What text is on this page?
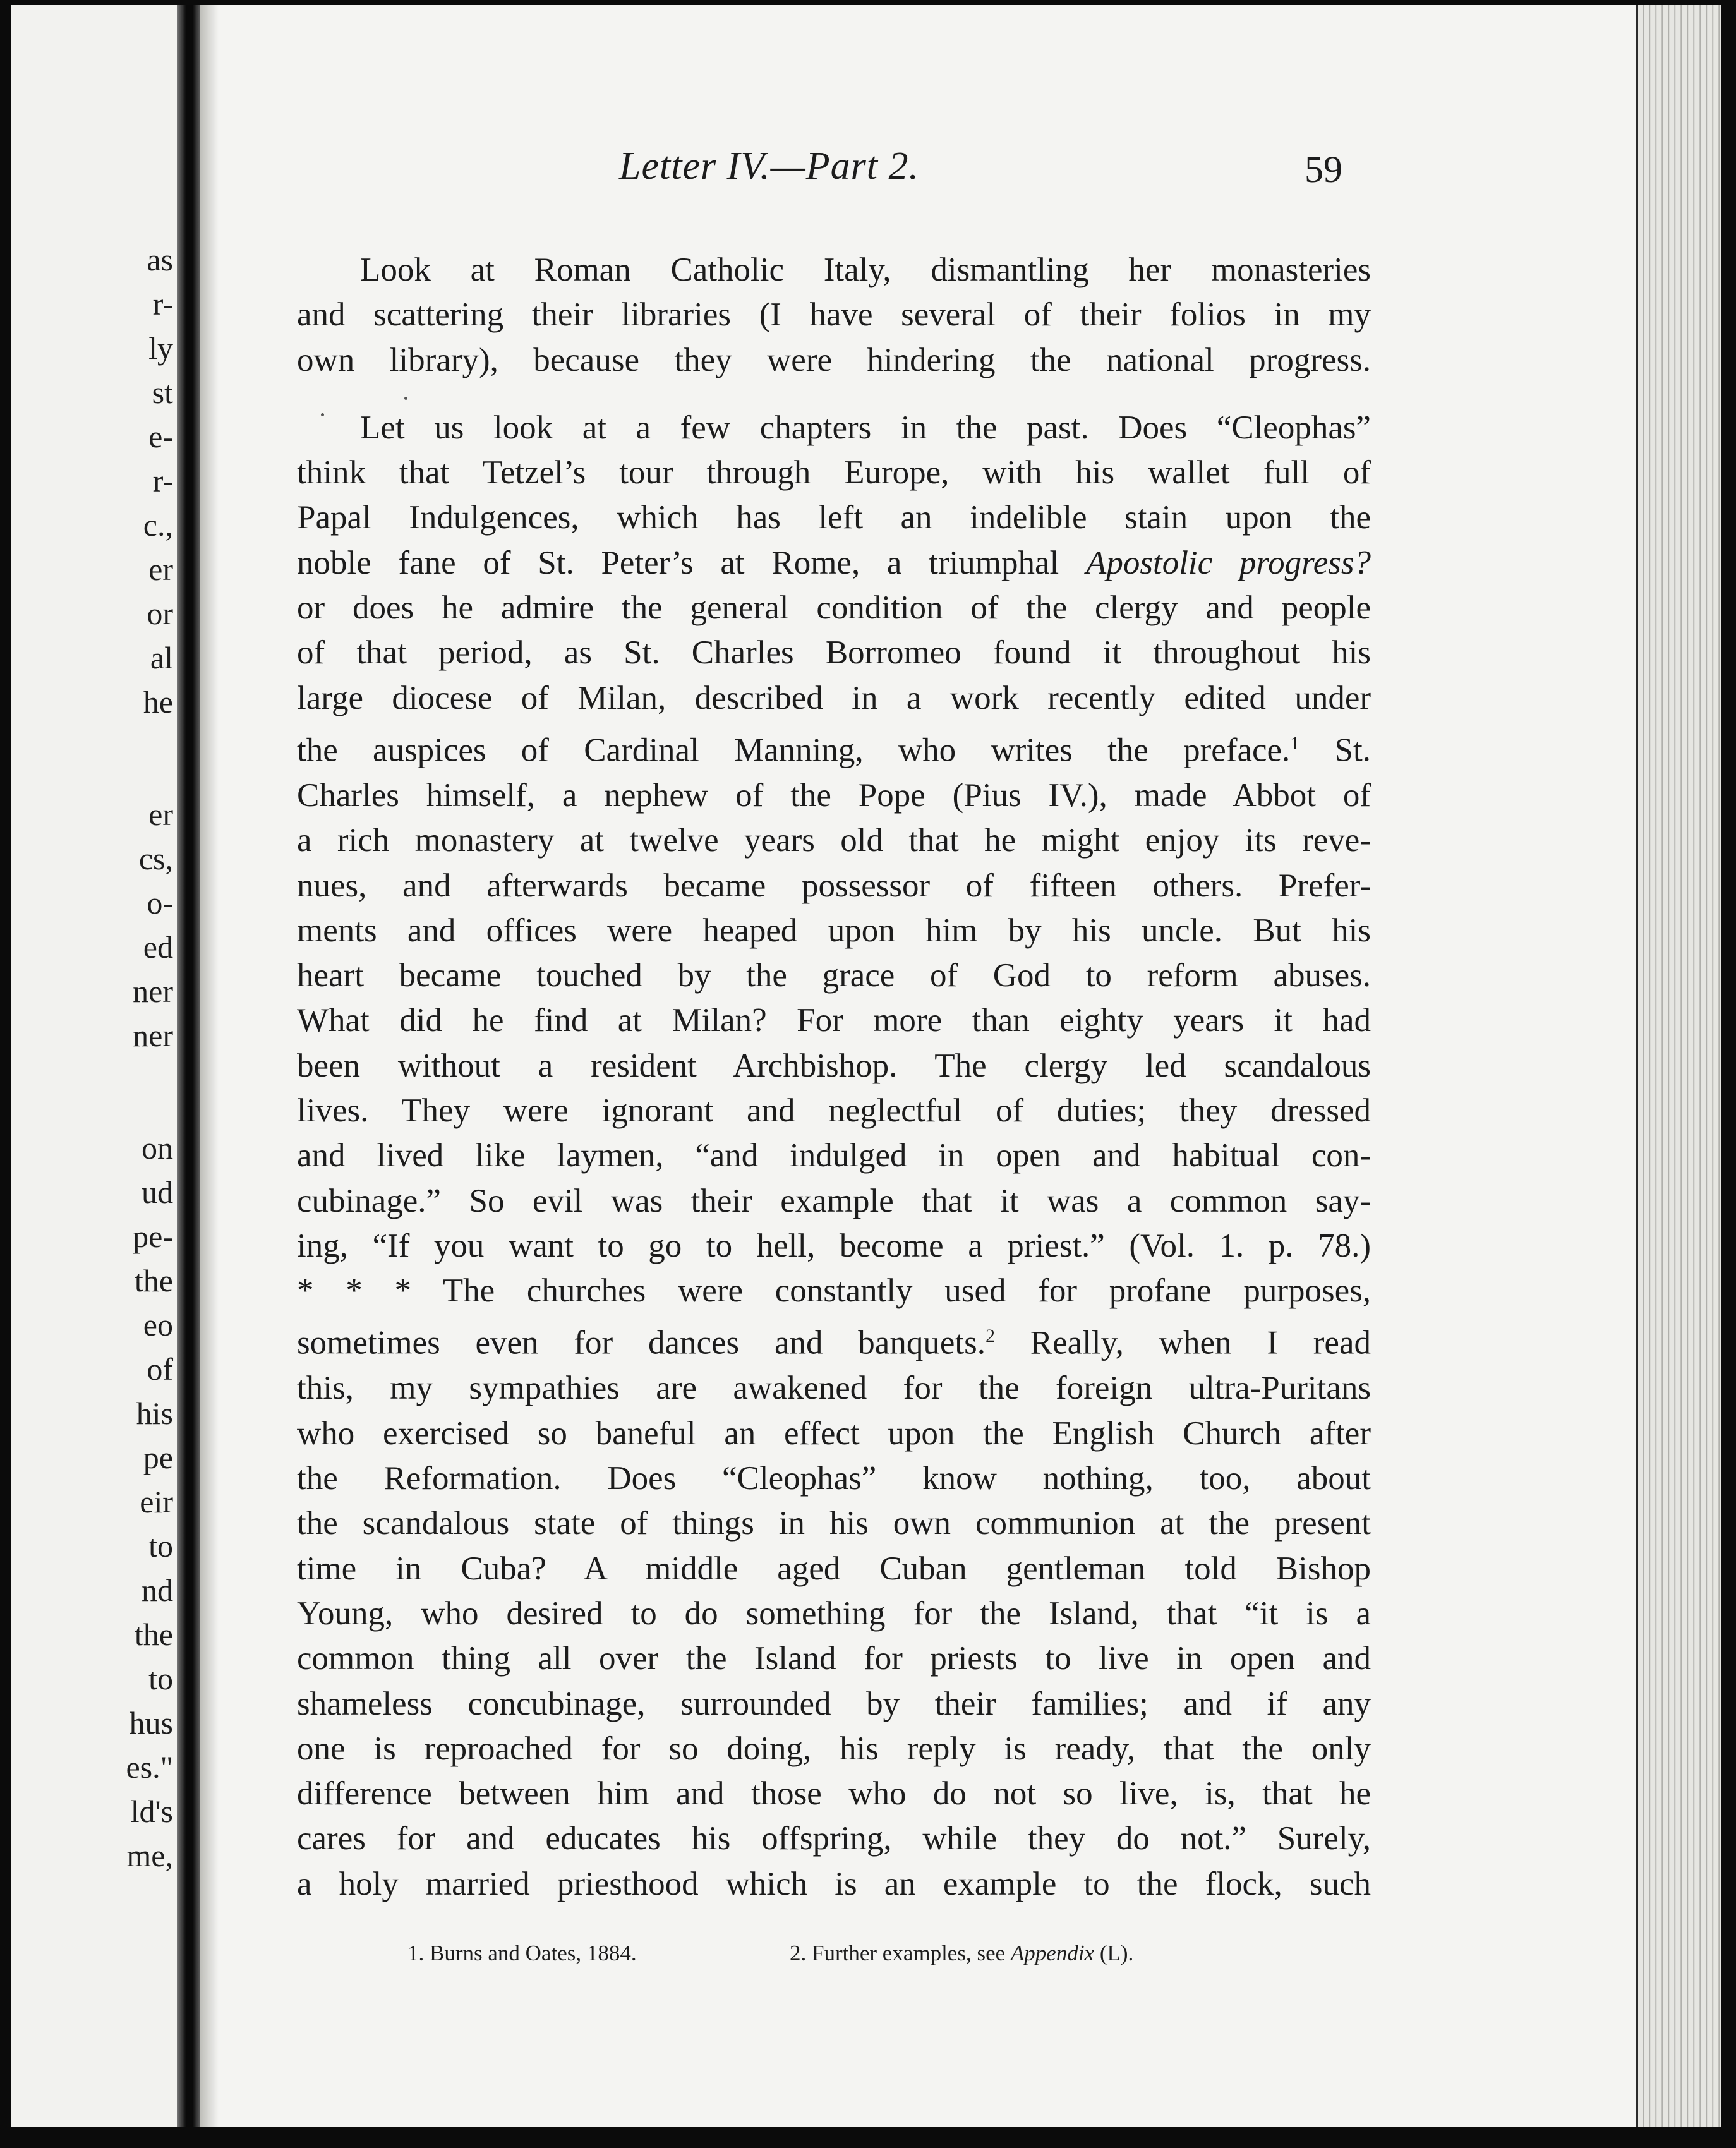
as
r-
ly
st
e-
r-
c.,
er
or
al
he
er
cs,
o-
ed
ner
ner
on
ud
pe-
the
eo
of
his
pe
eir
to
nd
the
to
hus
es."
ld's
me,
Letter IV.—Part 2.	59

Look at Roman Catholic Italy, dismantling her monasteries

and scattering their libraries (I have several of their folios in my

own library), because they were hindering the national progress.

Let us look at a few chapters in the past. Does “Cleophas”

think that Tetzel’s tour through Europe, with his wallet full of

Papal Indulgences, which has left an indelible stain upon the

noble fane of St. Peter’s at Rome, a triumphal Apostolic progress?

or does he admire the general condition of the clergy and people

of that period, as St. Charles Borromeo found it throughout his

large diocese of Milan, described in a work recently edited under

the auspices of Cardinal Manning, who writes the preface.$^1$ St.

Charles himself, a nephew of the Pope (Pius IV.), made Abbot of

a rich monastery at twelve years old that he might enjoy its reve-

nues, and afterwards became possessor of fifteen others. Prefer-

ments and offices were heaped upon him by his uncle. But his

heart became touched by the grace of God to reform abuses.

What did he find at Milan? For more than eighty years it had

been without a resident Archbishop. The clergy led scandalous

lives. They were ignorant and neglectful of duties; they dressed

and lived like laymen, “and indulged in open and habitual con-

cubinage.” So evil was their example that it was a common say-

ing, “If you want to go to hell, become a priest.” (Vol. 1. p. 78.)

* * * The churches were constantly used for profane purposes,

sometimes even for dances and banquets.$^2$ Really, when I read

this, my sympathies are awakened for the foreign ultra-Puritans

who exercised so baneful an effect upon the English Church after

the Reformation. Does “Cleophas” know nothing, too, about

the scandalous state of things in his own communion at the present

time in Cuba? A middle aged Cuban gentleman told Bishop

Young, who desired to do something for the Island, that “it is a

common thing all over the Island for priests to live in open and

shameless concubinage, surrounded by their families; and if any

one is reproached for so doing, his reply is ready, that the only

difference between him and those who do not so live, is, that he

cares for and educates his offspring, while they do not.” Surely,

a holy married priesthood which is an example to the flock, such

1. Burns and Oates, 1884.	2. Further examples, see Appendix (L).
